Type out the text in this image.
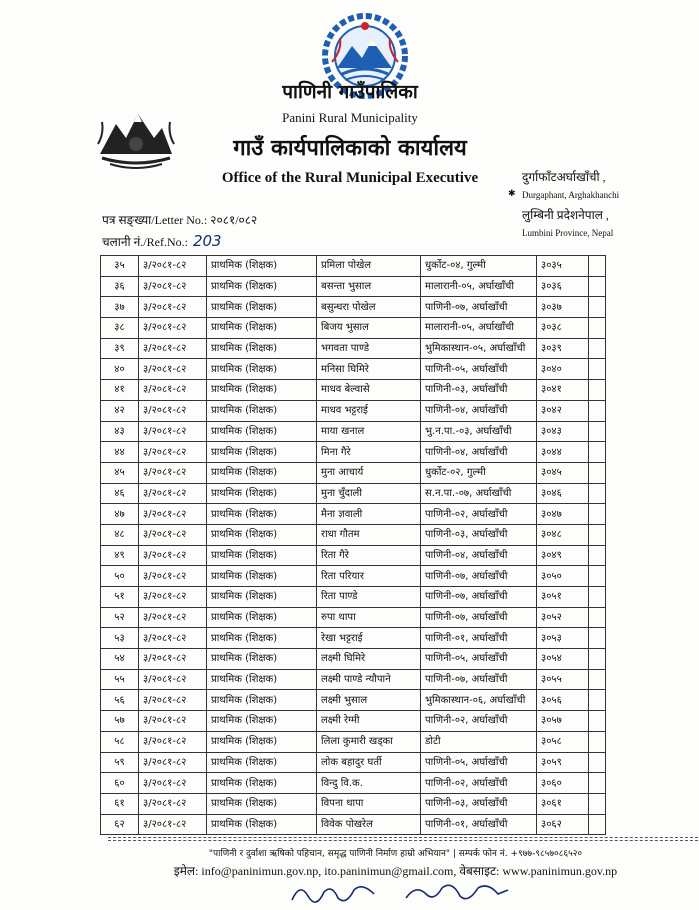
पाणिनी गाउँपालिका
Panini Rural Municipality
गाउँ कार्यपालिकाको कार्यालय
Office of the Rural Municipal Executive	दुर्गाफाँटअर्घाखाँची ,
✱ Durgaphant, Arghakhanchi
लुम्बिनी प्रदेशनेपाल ,
Lumbini Province, Nepal
पत्र सङ्ख्या/Letter No.: २०८१/०८२
चलानी नं./Ref.No.: 203
३५	३/२०८१-८२	प्राथमिक (शिक्षक)	प्रमिला पोखेल	धुर्कोट-०४, गुल्मी	३०३५	
३६	३/२०८१-८२	प्राथमिक (शिक्षक)	बसन्ता भुसाल	मालारानी-०५, अर्घाखाँची	३०३६	
३७	३/२०८१-८२	प्राथमिक (शिक्षक)	बसुन्धरा पोखेल	पाणिनी-०७, अर्घाखाँची	३०३७	
३८	३/२०८१-८२	प्राथमिक (शिक्षक)	बिजय भुसाल	मालारानी-०५, अर्घाखाँची	३०३८	
३९	३/२०८१-८२	प्राथमिक (शिक्षक)	भगवता पाण्डे	भुमिकास्थान-०५, अर्घाखाँची	३०३९	
४०	३/२०८१-८२	प्राथमिक (शिक्षक)	मनिसा घिमिरे	पाणिनी-०५, अर्घाखाँची	३०४०	
४१	३/२०८१-८२	प्राथमिक (शिक्षक)	माधव बेल्वासे	पाणिनी-०३, अर्घाखाँची	३०४१	
४२	३/२०८१-८२	प्राथमिक (शिक्षक)	माधव भट्टराई	पाणिनी-०४, अर्घाखाँची	३०४२	
४३	३/२०८१-८२	प्राथमिक (शिक्षक)	माया खनाल	भु.न.पा.-०३, अर्घाखाँची	३०४३	
४४	३/२०८१-८२	प्राथमिक (शिक्षक)	मिना गैरे	पाणिनी-०४, अर्घाखाँची	३०४४	
४५	३/२०८१-८२	प्राथमिक (शिक्षक)	मुना आचार्य	धुर्कोट-०२, गुल्मी	३०४५	
४६	३/२०८१-८२	प्राथमिक (शिक्षक)	मुना चुँदाली	स.न.पा.-०७, अर्घाखाँची	३०४६	
४७	३/२०८१-८२	प्राथमिक (शिक्षक)	मैना ज्ञवाली	पाणिनी-०२, अर्घाखाँची	३०४७	
४८	३/२०८१-८२	प्राथमिक (शिक्षक)	राधा गौतम	पाणिनी-०३, अर्घाखाँची	३०४८	
४९	३/२०८१-८२	प्राथमिक (शिक्षक)	रिता गैरे	पाणिनी-०४, अर्घाखाँची	३०४९	
५०	३/२०८१-८२	प्राथमिक (शिक्षक)	रिता परियार	पाणिनी-०७, अर्घाखाँची	३०५०	
५१	३/२०८१-८२	प्राथमिक (शिक्षक)	रिता पाण्डे	पाणिनी-०७, अर्घाखाँची	३०५१	
५२	३/२०८१-८२	प्राथमिक (शिक्षक)	रुपा थापा	पाणिनी-०७, अर्घाखाँची	३०५२	
५३	३/२०८१-८२	प्राथमिक (शिक्षक)	रेखा भट्टराई	पाणिनी-०१, अर्घाखाँची	३०५३	
५४	३/२०८१-८२	प्राथमिक (शिक्षक)	लक्ष्मी घिमिरे	पाणिनी-०५, अर्घाखाँची	३०५४	
५५	३/२०८१-८२	प्राथमिक (शिक्षक)	लक्ष्मी पाण्डे न्यौपाने	पाणिनी-०७, अर्घाखाँची	३०५५	
५६	३/२०८१-८२	प्राथमिक (शिक्षक)	लक्ष्मी भुसाल	भुमिकास्थान-०६, अर्घाखाँची	३०५६	
५७	३/२०८१-८२	प्राथमिक (शिक्षक)	लक्ष्मी रेग्मी	पाणिनी-०२, अर्घाखाँची	३०५७	
५८	३/२०८१-८२	प्राथमिक (शिक्षक)	लिला कुमारी खड्का	डोटी	३०५८	
५९	३/२०८१-८२	प्राथमिक (शिक्षक)	लोक बहादुर घर्ती	पाणिनी-०५, अर्घाखाँची	३०५९	
६०	३/२०८१-८२	प्राथमिक (शिक्षक)	विन्दु वि.क.	पाणिनी-०२, अर्घाखाँची	३०६०	
६१	३/२०८१-८२	प्राथमिक (शिक्षक)	विपना थापा	पाणिनी-०३, अर्घाखाँची	३०६१	
६२	३/२०८१-८२	प्राथमिक (शिक्षक)	विवेक पोखरेल	पाणिनी-०१, अर्घाखाँची	३०६२	
"पाणिनी र दुर्वाशा ऋषिको पहिचान, समृद्ध पाणिनी निर्माण हाम्रो अभियान" | सम्पर्क फोन नं. +९७७-९८५७०८६५२०
इमेल: info@paninimun.gov.np, ito.paninimun@gmail.com, वेबसाइट: www.paninimun.gov.np
